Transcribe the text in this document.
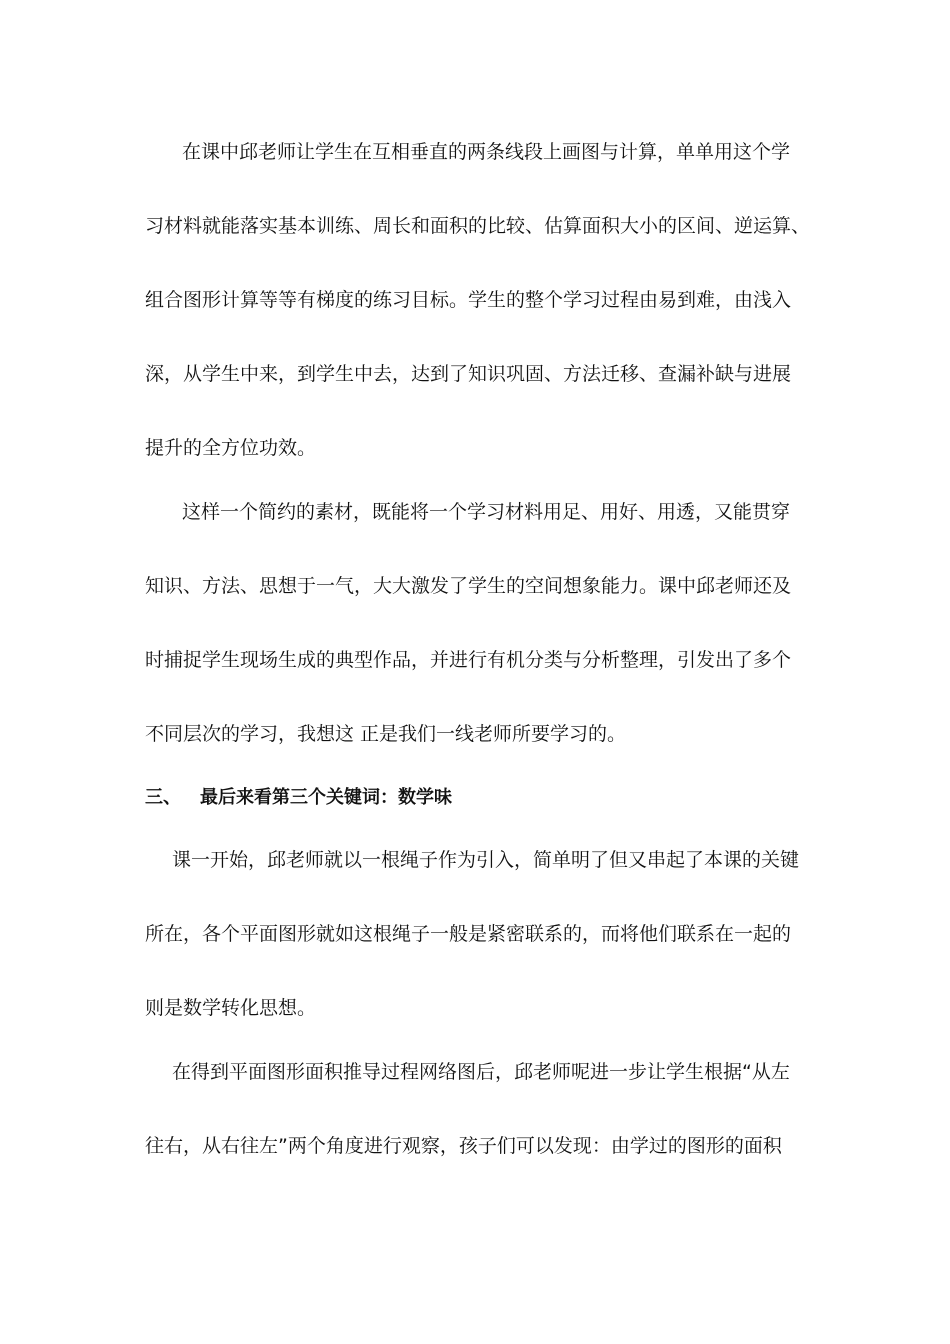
在课中邱老师让学生在互相垂直的两条线段上画图与计算，单单用这个学
习材料就能落实基本训练、周长和面积的比较、估算面积大小的区间、逆运算、
组合图形计算等等有梯度的练习目标。学生的整个学习过程由易到难，由浅入
深，从学生中来，到学生中去，达到了知识巩固、方法迁移、查漏补缺与进展
提升的全方位功效。
这样一个简约的素材，既能将一个学习材料用足、用好、用透，又能贯穿
知识、方法、思想于一气，大大激发了学生的空间想象能力。课中邱老师还及
时捕捉学生现场生成的典型作品，并进行有机分类与分析整理，引发出了多个
不同层次的学习，我想这 正是我们一线老师所要学习的。
三、 最后来看第三个关键词：数学味
课一开始，邱老师就以一根绳子作为引入，简单明了但又串起了本课的关键
所在，各个平面图形就如这根绳子一般是紧密联系的，而将他们联系在一起的
则是数学转化思想。
在得到平面图形面积推导过程网络图后，邱老师呢进一步让学生根据“从左
往右，从右往左”两个角度进行观察，孩子们可以发现：由学过的图形的面积
